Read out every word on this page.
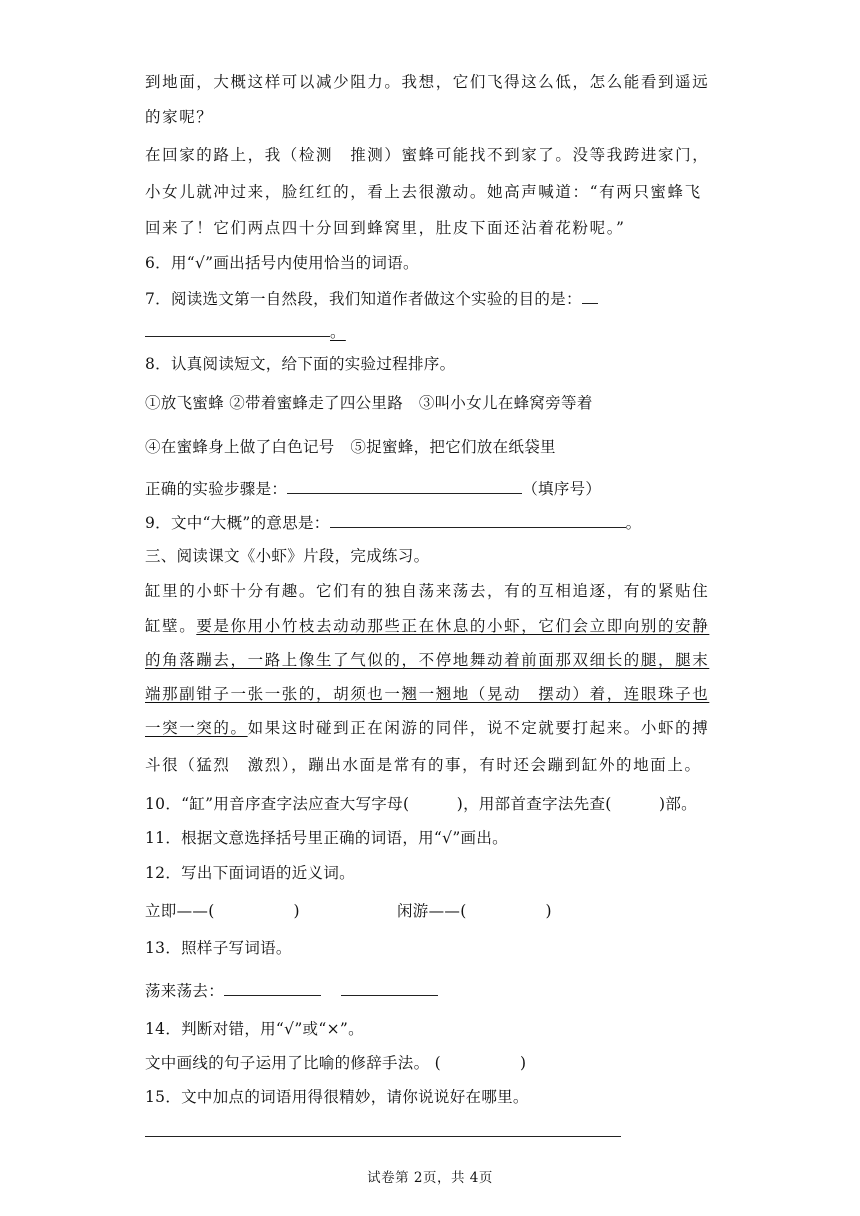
到地面，大概这样可以减少阻力。我想，它们飞得这么低，怎么能看到遥远
的家呢？
在回家的路上，我（检测　推测）蜜蜂可能找不到家了。没等我跨进家门，
小女儿就冲过来，脸红红的，看上去很激动。她高声喊道：“有两只蜜蜂飞
回来了！它们两点四十分回到蜂窝里，肚皮下面还沾着花粉呢。”
6．用“√”画出括号内使用恰当的词语。
7．阅读选文第一自然段，我们知道作者做这个实验的目的是：
。
8．认真阅读短文，给下面的实验过程排序。
①放飞蜜蜂 ②带着蜜蜂走了四公里路　③叫小女儿在蜂窝旁等着
④在蜜蜂身上做了白色记号　⑤捉蜜蜂，把它们放在纸袋里
正确的实验步骤是：	（填序号）
9．文中“大概”的意思是：	。
三、阅读课文《小虾》片段，完成练习。
缸里的小虾十分有趣。它们有的独自荡来荡去，有的互相追逐，有的紧贴住
缸壁。要是你用小竹枝去动动那些正在休息的小虾，它们会立即向别的安静
的角落蹦去，一路上像生了气似的，不停地舞动着前面那双细长的腿，腿末
端那副钳子一张一张的，胡须也一翘一翘地（晃动　摆动）着，连眼珠子也
一突一突的。如果这时碰到正在闲游的同伴，说不定就要打起来。小虾的搏
斗很（猛烈　激烈），蹦出水面是常有的事，有时还会蹦到缸外的地面上。
10．“缸”用音序查字法应查大写字母(　　　)，用部首查字法先查(　　　)部。
11．根据文意选择括号里正确的词语，用“√”画出。
12．写出下面词语的近义词。
立即——(　　　　　)	闲游——(　　　　　)
13．照样子写词语。
荡来荡去：
14．判断对错，用“√”或“×”。
文中画线的句子运用了比喻的修辞手法。 (　　　　　)
15．文中加点的词语用得很精妙，请你说说好在哪里。
试卷第 2页，共 4页
